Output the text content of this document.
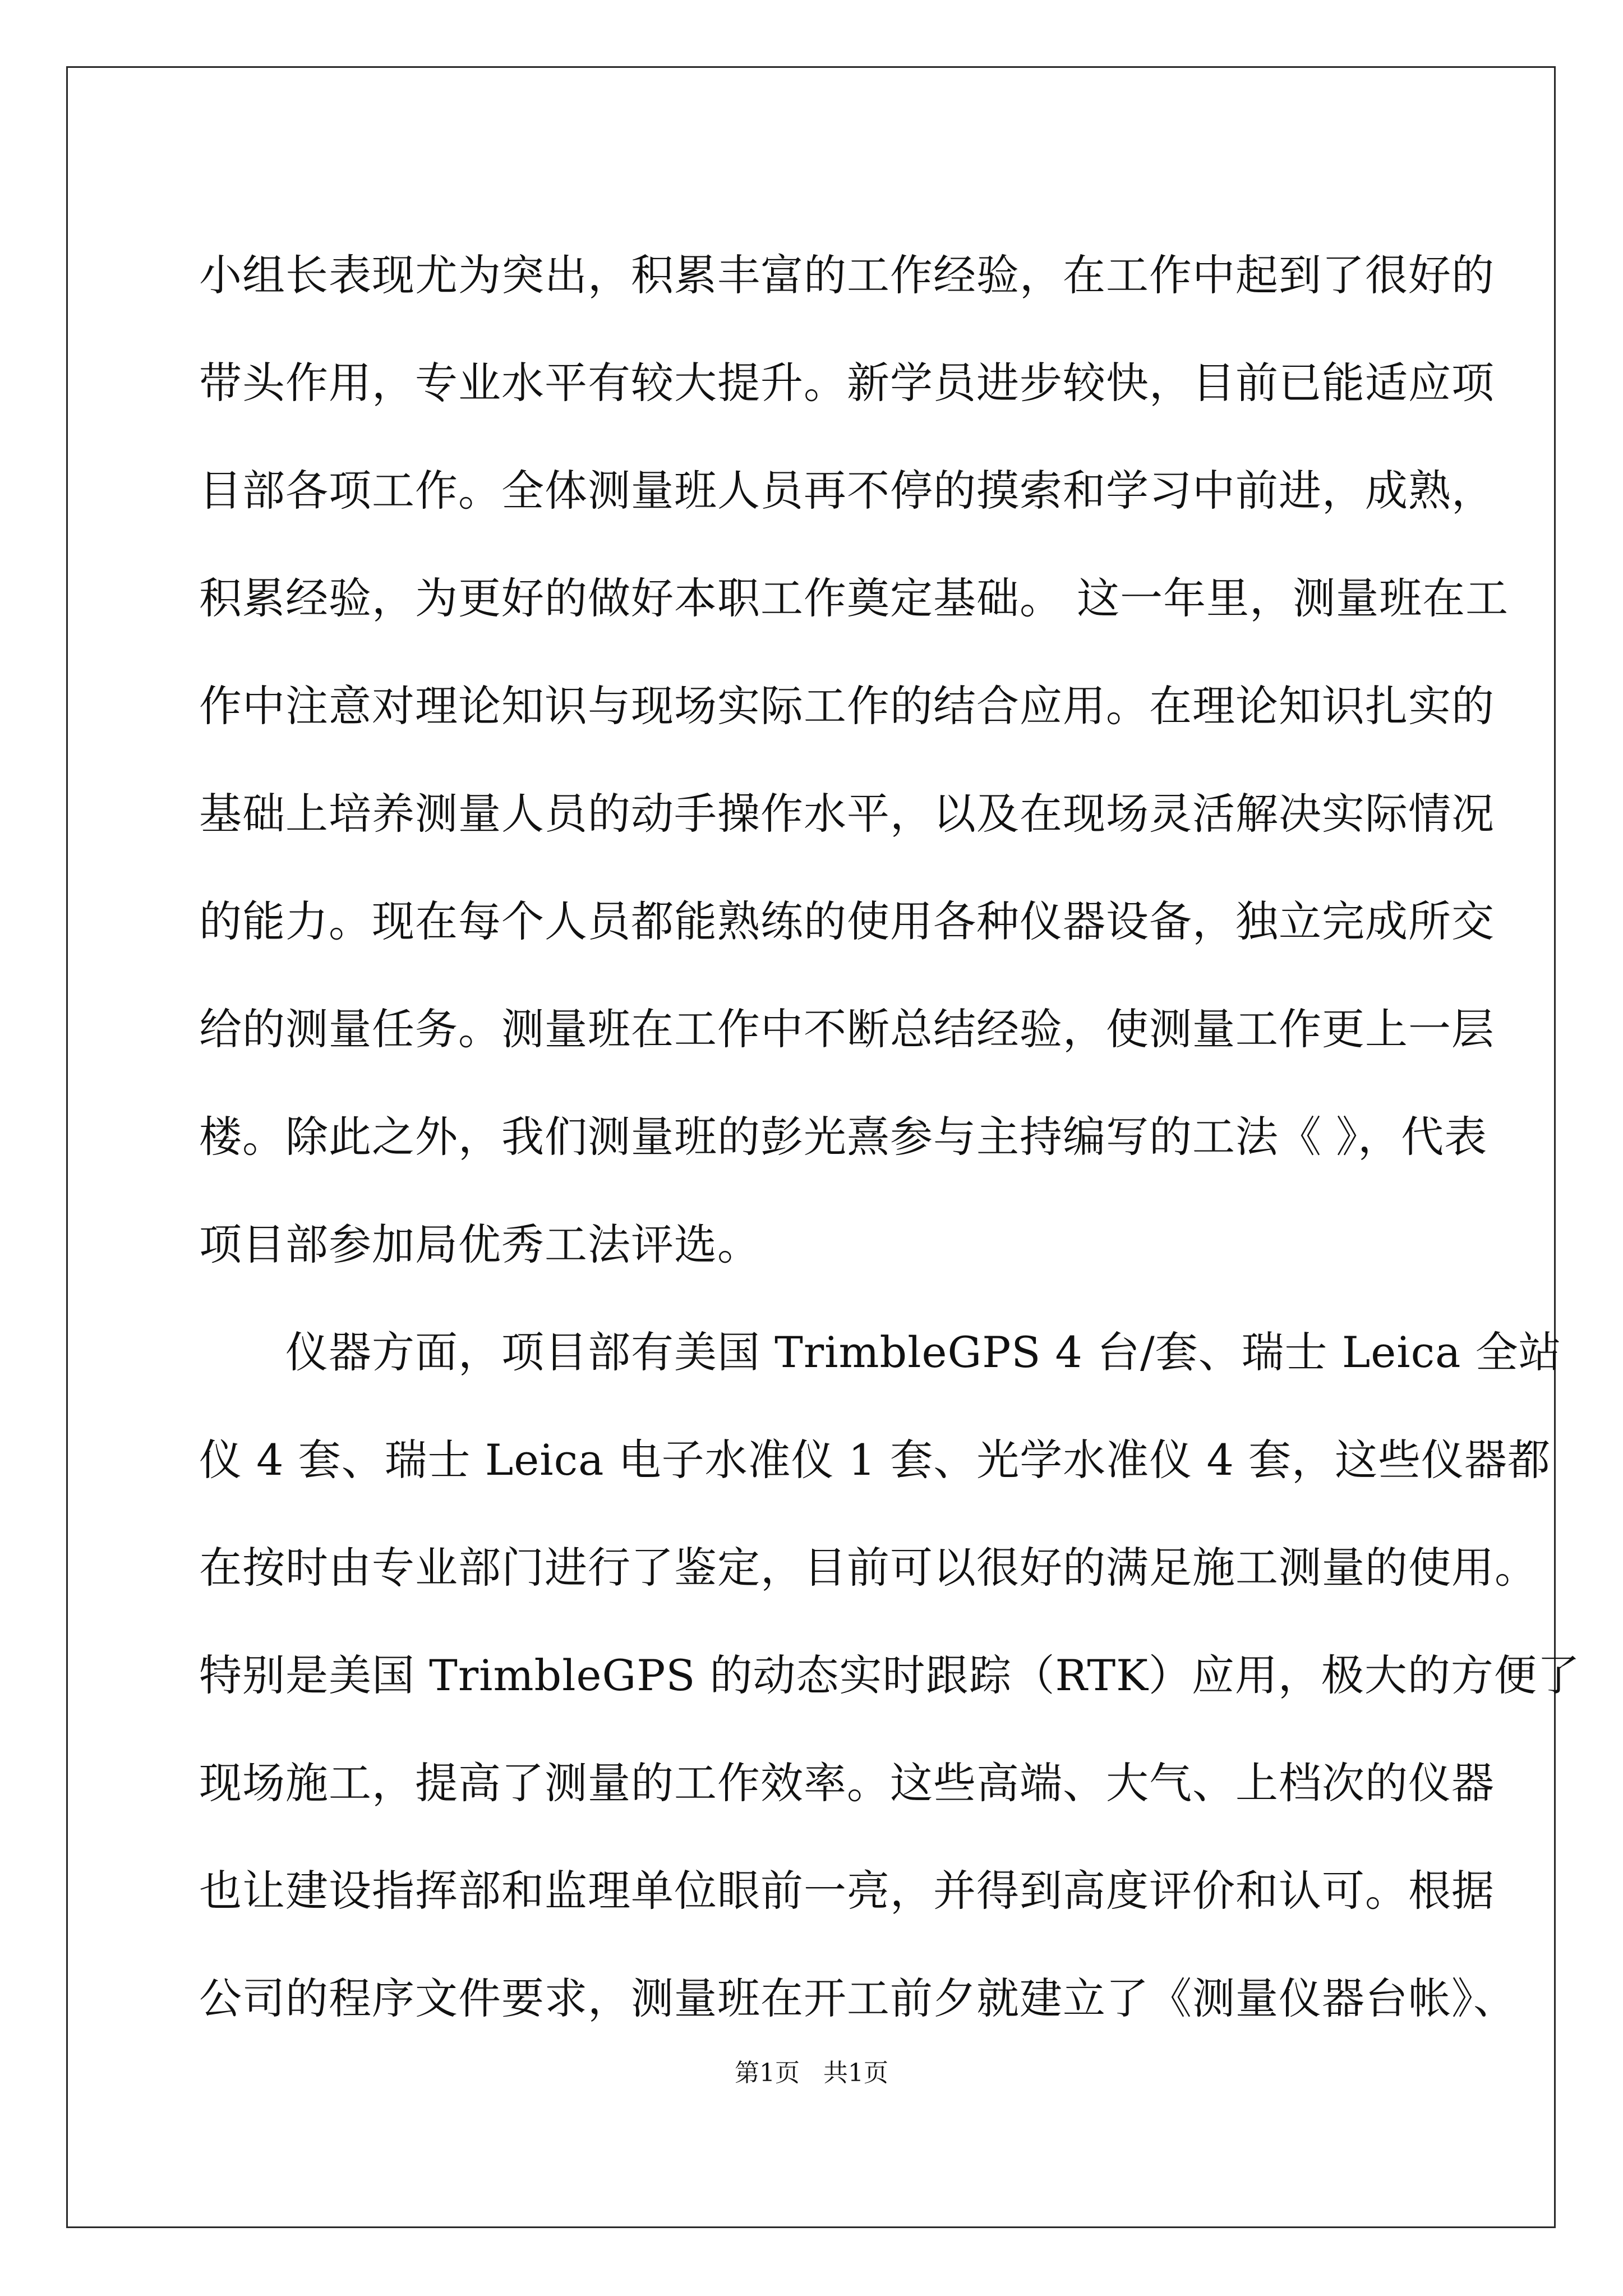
小组长表现尤为突出，积累丰富的工作经验，在工作中起到了很好的
带头作用，专业水平有较大提升。新学员进步较快，目前已能适应项
目部各项工作。全体测量班人员再不停的摸索和学习中前进，成熟，
积累经验，为更好的做好本职工作奠定基础。 这一年里，测量班在工
作中注意对理论知识与现场实际工作的结合应用。在理论知识扎实的
基础上培养测量人员的动手操作水平，以及在现场灵活解决实际情况
的能力。现在每个人员都能熟练的使用各种仪器设备，独立完成所交
给的测量任务。测量班在工作中不断总结经验，使测量工作更上一层
楼。除此之外，我们测量班的彭光熹参与主持编写的工法《 》，代表
项目部参加局优秀工法评选。
　　仪器方面，项目部有美国 TrimbleGPS 4 台/套、瑞士 Leica 全站
仪 4 套、瑞士 Leica 电子水准仪 1 套、光学水准仪 4 套，这些仪器都
在按时由专业部门进行了鉴定，目前可以很好的满足施工测量的使用。
特别是美国 TrimbleGPS 的动态实时跟踪（RTK）应用，极大的方便了
现场施工，提高了测量的工作效率。这些高端、大气、上档次的仪器
也让建设指挥部和监理单位眼前一亮，并得到高度评价和认可。根据
公司的程序文件要求，测量班在开工前夕就建立了《测量仪器台帐》、
第1页 共1页
